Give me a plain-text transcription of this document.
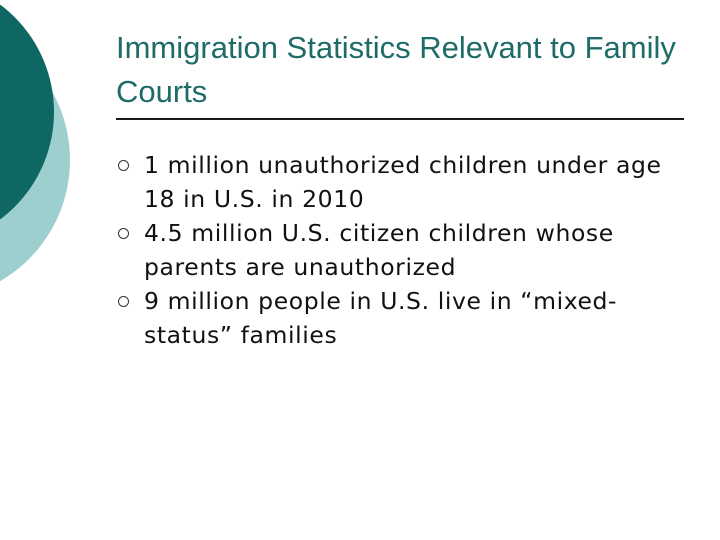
Immigration Statistics Relevant to Family Courts
1 million unauthorized children under age 18 in U.S. in 2010
4.5 million U.S. citizen children whose parents are unauthorized
9 million people in U.S. live in “mixed-status” families
